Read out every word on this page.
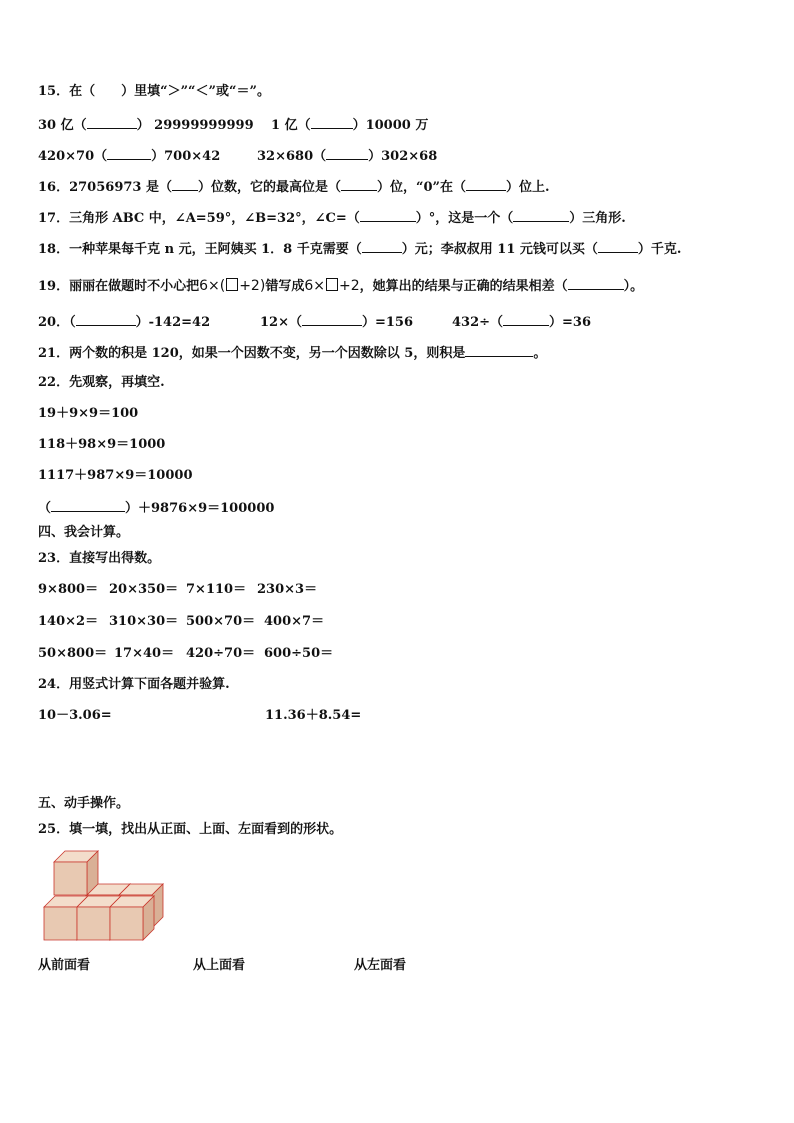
15．在（　　）里填“＞”“＜”或“＝”。
30 亿（	） 29999999999 1 亿（	）10000 万
420×70（	）700×42	32×680（	）302×68
16．27056973 是（ ）位数，它的最高位是（	）位，“0”在（	）位上.
17．三角形 ABC 中，∠A=59°，∠B=32°，∠C=（	）°，这是一个（	）三角形.
18．一种苹果每千克 n 元，王阿姨买 1．8 千克需要（	）元；李叔叔用 11 元钱可以买（	）千克.
19．丽丽在做题时不小心把6×( +2)错写成6× +2，她算出的结果与正确的结果相差（	）。
20．（	）-142=42	12×（	）=156	432÷（	）=36
21．两个数的积是 120，如果一个因数不变，另一个因数除以 5，则积是	。
22．先观察，再填空.
19＋9×9＝100
118＋98×9＝1000
1117＋987×9＝10000
（	）＋9876×9＝100000
四、我会计算。
23．直接写出得数。
9×800＝ 20×350＝ 7×110＝ 230×3＝
140×2＝ 310×30＝ 500×70＝ 400×7＝
50×800＝ 17×40＝ 420÷70＝ 600÷50＝
24．用竖式计算下面各题并验算.
10－3.06=	11.36＋8.54=
五、动手操作。
25．填一填，找出从正面、上面、左面看到的形状。
从前面看	从上面看	从左面看
